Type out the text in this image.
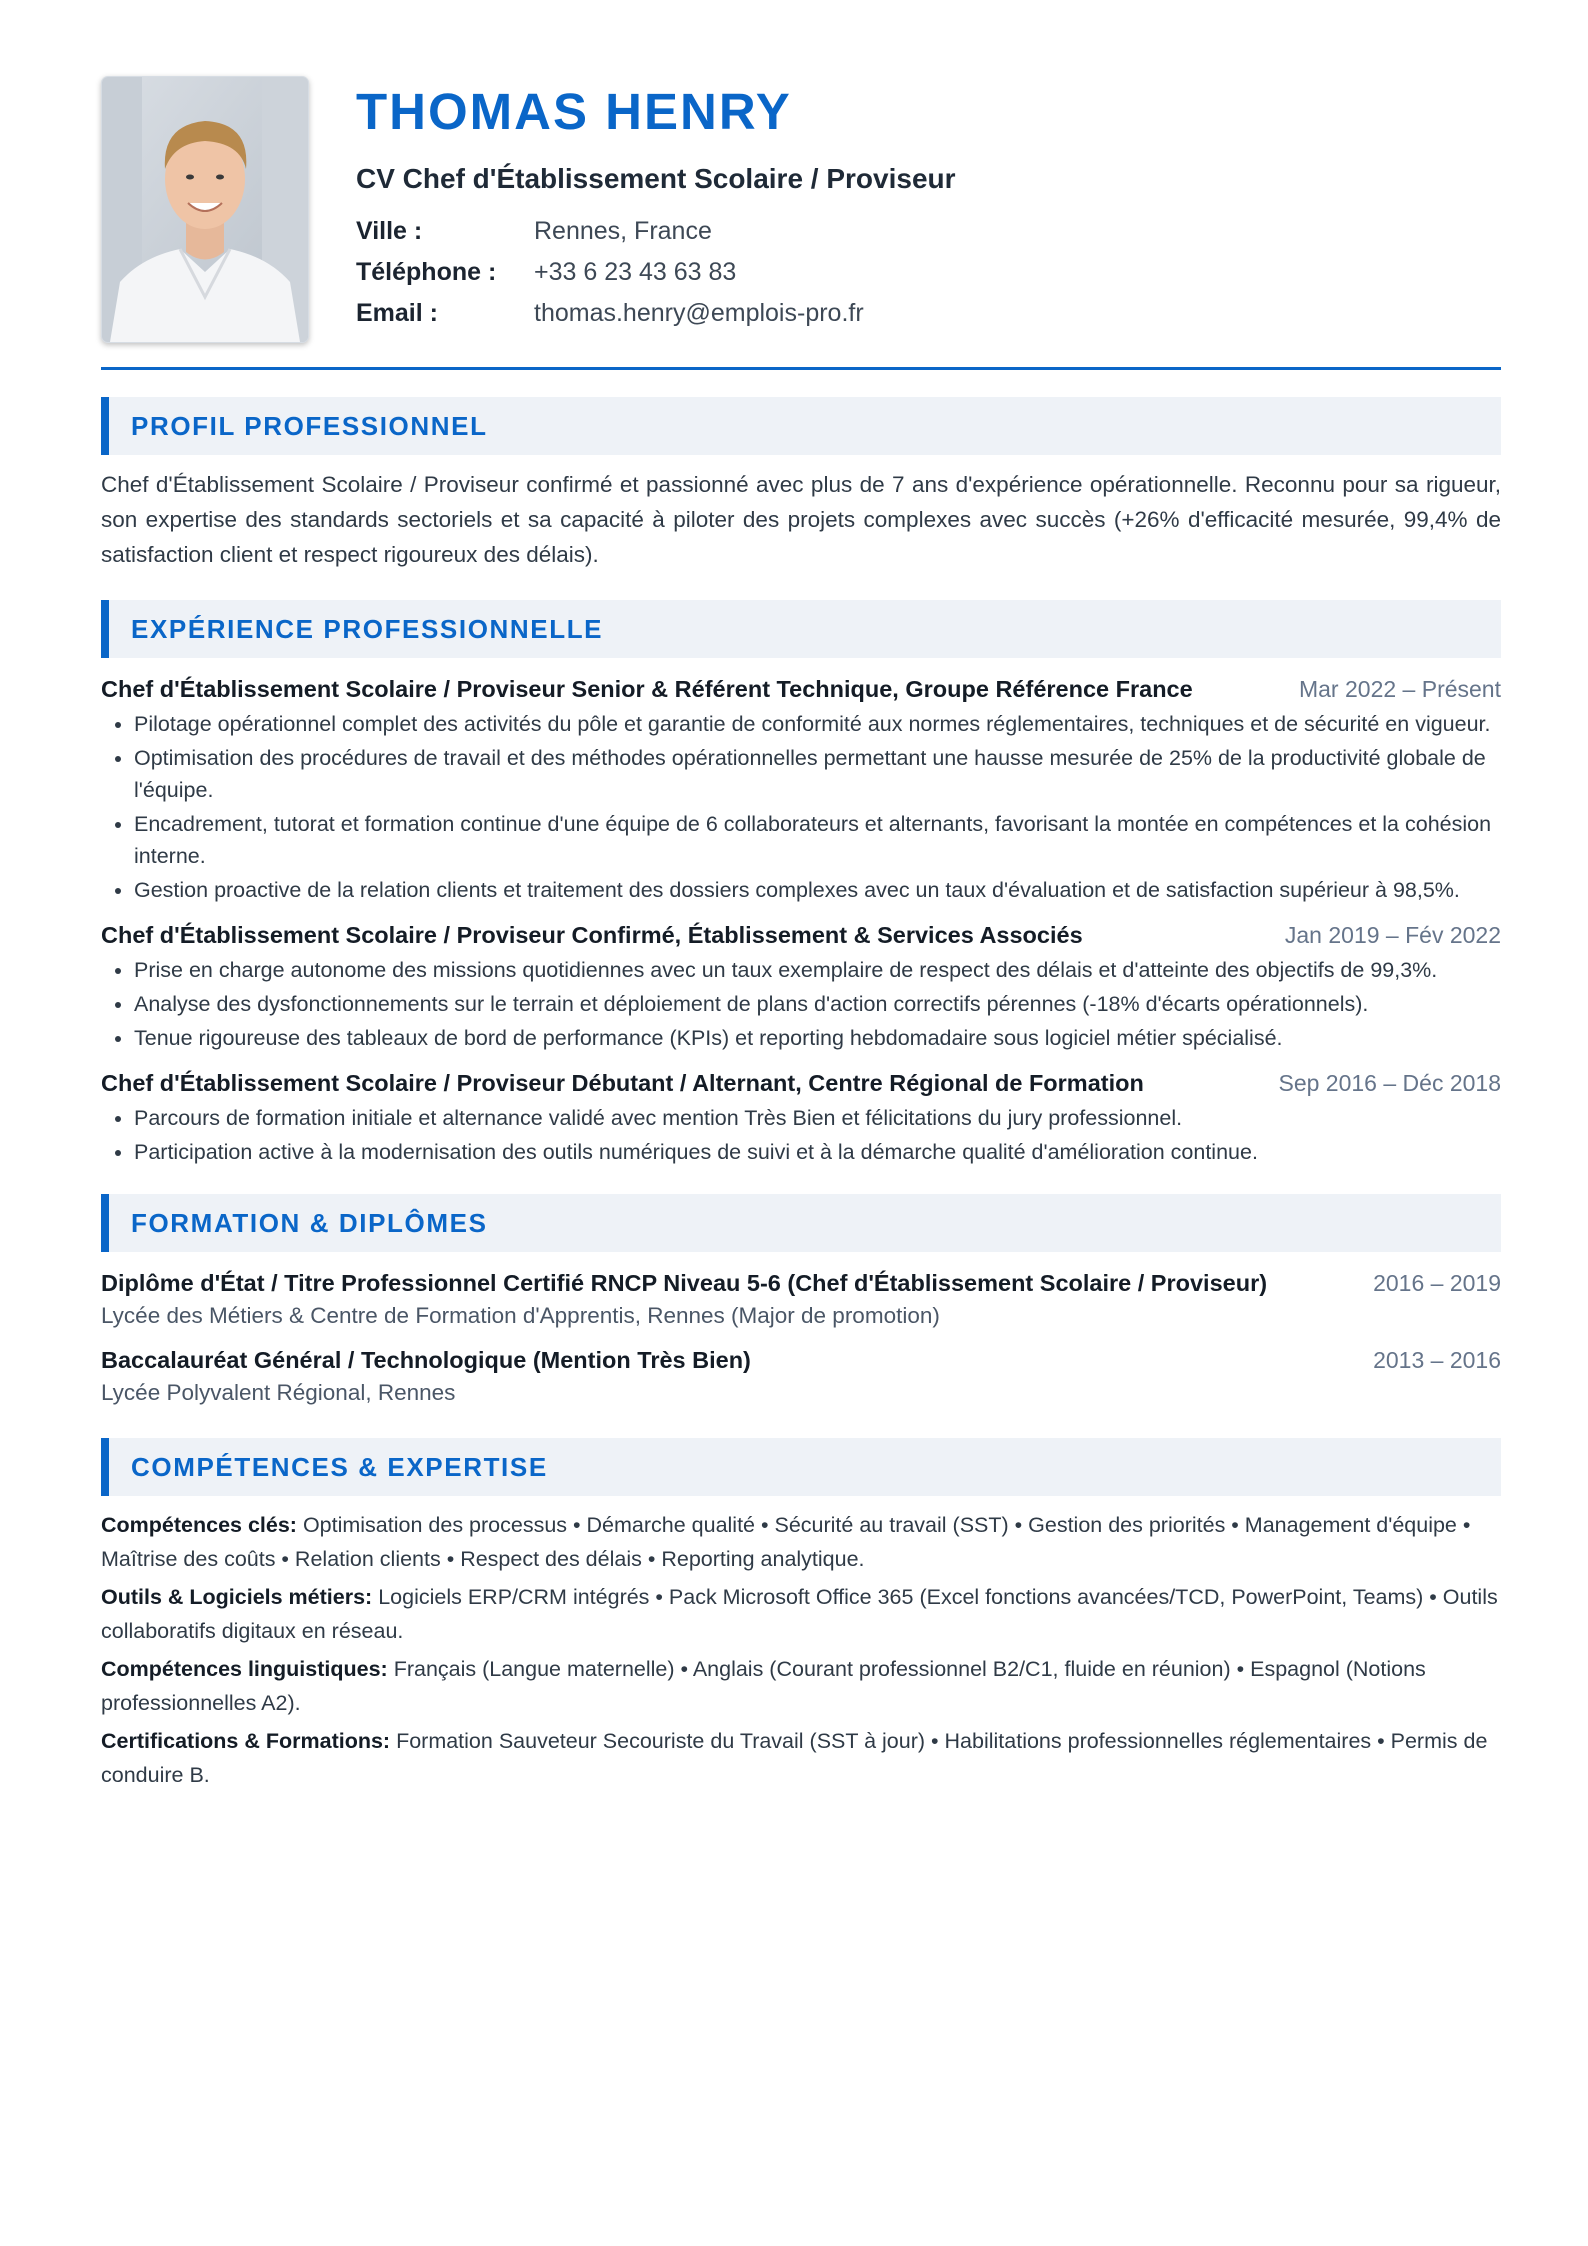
THOMAS HENRY
CV Chef d'Établissement Scolaire / Proviseur
Ville :	Rennes, France
Téléphone :	+33 6 23 43 63 83
Email :	thomas.henry@emplois-pro.fr
PROFIL PROFESSIONNEL

Chef d'Établissement Scolaire / Proviseur confirmé et passionné avec plus de 7 ans d'expérience opérationnelle. Reconnu pour sa rigueur, son expertise des standards sectoriels et sa capacité à piloter des projets complexes avec succès (+26% d'efficacité mesurée, 99,4% de satisfaction client et respect rigoureux des délais).

EXPÉRIENCE PROFESSIONNELLE
Chef d'Établissement Scolaire / Proviseur Senior & Référent Technique, Groupe Référence France	Mar 2022 – Présent
• Pilotage opérationnel complet des activités du pôle et garantie de conformité aux normes réglementaires, techniques et de sécurité en vigueur.
• Optimisation des procédures de travail et des méthodes opérationnelles permettant une hausse mesurée de 25% de la productivité globale de l'équipe.
• Encadrement, tutorat et formation continue d'une équipe de 6 collaborateurs et alternants, favorisant la montée en compétences et la cohésion interne.
• Gestion proactive de la relation clients et traitement des dossiers complexes avec un taux d'évaluation et de satisfaction supérieur à 98,5%.
Chef d'Établissement Scolaire / Proviseur Confirmé, Établissement & Services Associés	Jan 2019 – Fév 2022
• Prise en charge autonome des missions quotidiennes avec un taux exemplaire de respect des délais et d'atteinte des objectifs de 99,3%.
• Analyse des dysfonctionnements sur le terrain et déploiement de plans d'action correctifs pérennes (-18% d'écarts opérationnels).
• Tenue rigoureuse des tableaux de bord de performance (KPIs) et reporting hebdomadaire sous logiciel métier spécialisé.
Chef d'Établissement Scolaire / Proviseur Débutant / Alternant, Centre Régional de Formation	Sep 2016 – Déc 2018
• Parcours de formation initiale et alternance validé avec mention Très Bien et félicitations du jury professionnel.
• Participation active à la modernisation des outils numériques de suivi et à la démarche qualité d'amélioration continue.
FORMATION & DIPLÔMES
Diplôme d'État / Titre Professionnel Certifié RNCP Niveau 5-6 (Chef d'Établissement Scolaire / Proviseur)	2016 – 2019
Lycée des Métiers & Centre de Formation d'Apprentis, Rennes (Major de promotion)
Baccalauréat Général / Technologique (Mention Très Bien)	2013 – 2016
Lycée Polyvalent Régional, Rennes
COMPÉTENCES & EXPERTISE
Compétences clés: Optimisation des processus • Démarche qualité • Sécurité au travail (SST) • Gestion des priorités • Management d'équipe • Maîtrise des coûts • Relation clients • Respect des délais • Reporting analytique.
Outils & Logiciels métiers: Logiciels ERP/CRM intégrés • Pack Microsoft Office 365 (Excel fonctions avancées/TCD, PowerPoint, Teams) • Outils collaboratifs digitaux en réseau.
Compétences linguistiques: Français (Langue maternelle) • Anglais (Courant professionnel B2/C1, fluide en réunion) • Espagnol (Notions professionnelles A2).
Certifications & Formations: Formation Sauveteur Secouriste du Travail (SST à jour) • Habilitations professionnelles réglementaires • Permis de conduire B.
